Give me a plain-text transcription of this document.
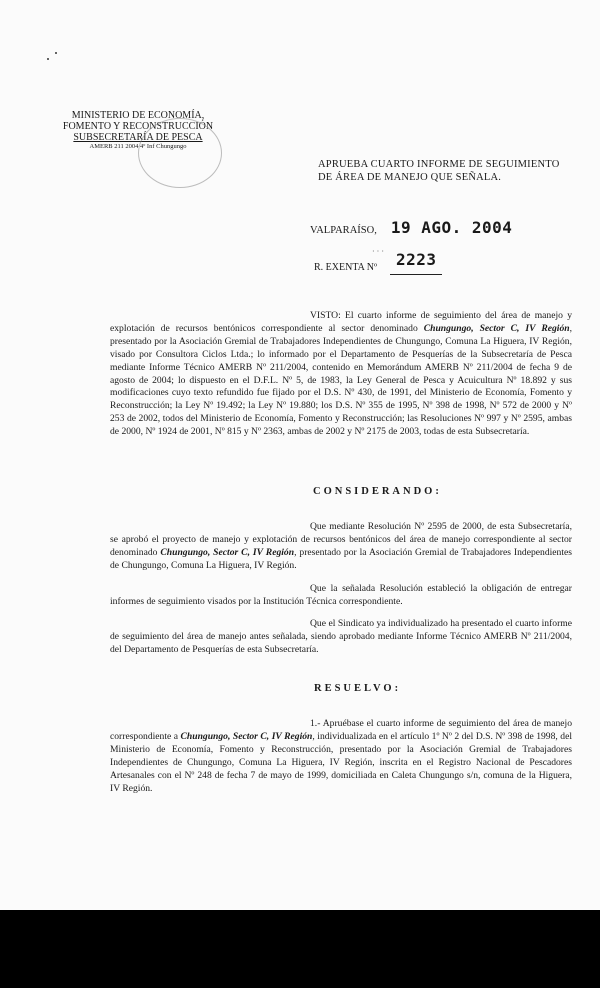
MINISTERIO DE ECONOMÍA,
FOMENTO Y RECONSTRUCCIÓN
SUBSECRETARÍA DE PESCA
AMERB 211 2004 4º Inf Chungungo
APRUEBA CUARTO INFORME DE SEGUIMIENTO
DE ÁREA DE MANEJO QUE SEÑALA.
VALPARAÍSO, 19 AGO. 2004
· · ·
R. EXENTA Nº 2223

VISTO: El cuarto informe de seguimiento del área de manejo y explotación de recursos bentónicos correspondiente al sector denominado Chungungo, Sector C, IV Región, presentado por la Asociación Gremial de Trabajadores Independientes de Chungungo, Comuna La Higuera, IV Región, visado por Consultora Ciclos Ltda.; lo informado por el Departamento de Pesquerías de la Subsecretaría de Pesca mediante Informe Técnico AMERB Nº 211/2004, contenido en Memorándum AMERB Nº 211/2004 de fecha 9 de agosto de 2004; lo dispuesto en el D.F.L. Nº 5, de 1983, la Ley General de Pesca y Acuicultura Nº 18.892 y sus modificaciones cuyo texto refundido fue fijado por el D.S. Nº 430, de 1991, del Ministerio de Economía, Fomento y Reconstrucción; la Ley Nº 19.492; la Ley Nº 19.880; los D.S. Nº 355 de 1995, Nº 398 de 1998, Nº 572 de 2000 y Nº 253 de 2002, todos del Ministerio de Economía, Fomento y Reconstrucción; las Resoluciones Nº 997 y Nº 2595, ambas de 2000, Nº 1924 de 2001, Nº 815 y Nº 2363, ambas de 2002 y Nº 2175 de 2003, todas de esta Subsecretaría.

CONSIDERANDO:

Que mediante Resolución Nº 2595 de 2000, de esta Subsecretaría, se aprobó el proyecto de manejo y explotación de recursos bentónicos del área de manejo correspondiente al sector denominado Chungungo, Sector C, IV Región, presentado por la Asociación Gremial de Trabajadores Independientes de Chungungo, Comuna La Higuera, IV Región.

Que la señalada Resolución estableció la obligación de entregar informes de seguimiento visados por la Institución Técnica correspondiente.

Que el Sindicato ya individualizado ha presentado el cuarto informe de seguimiento del área de manejo antes señalada, siendo aprobado mediante Informe Técnico AMERB Nº 211/2004, del Departamento de Pesquerías de esta Subsecretaría.

RESUELVO:

1.- Apruébase el cuarto informe de seguimiento del área de manejo correspondiente a Chungungo, Sector C, IV Región, individualizada en el artículo 1º Nº 2 del D.S. Nº 398 de 1998, del Ministerio de Economía, Fomento y Reconstrucción, presentado por la Asociación Gremial de Trabajadores Independientes de Chungungo, Comuna La Higuera, IV Región, inscrita en el Registro Nacional de Pescadores Artesanales con el Nº 248 de fecha 7 de mayo de 1999, domiciliada en Caleta Chungungo s/n, comuna de la Higuera, IV Región.
